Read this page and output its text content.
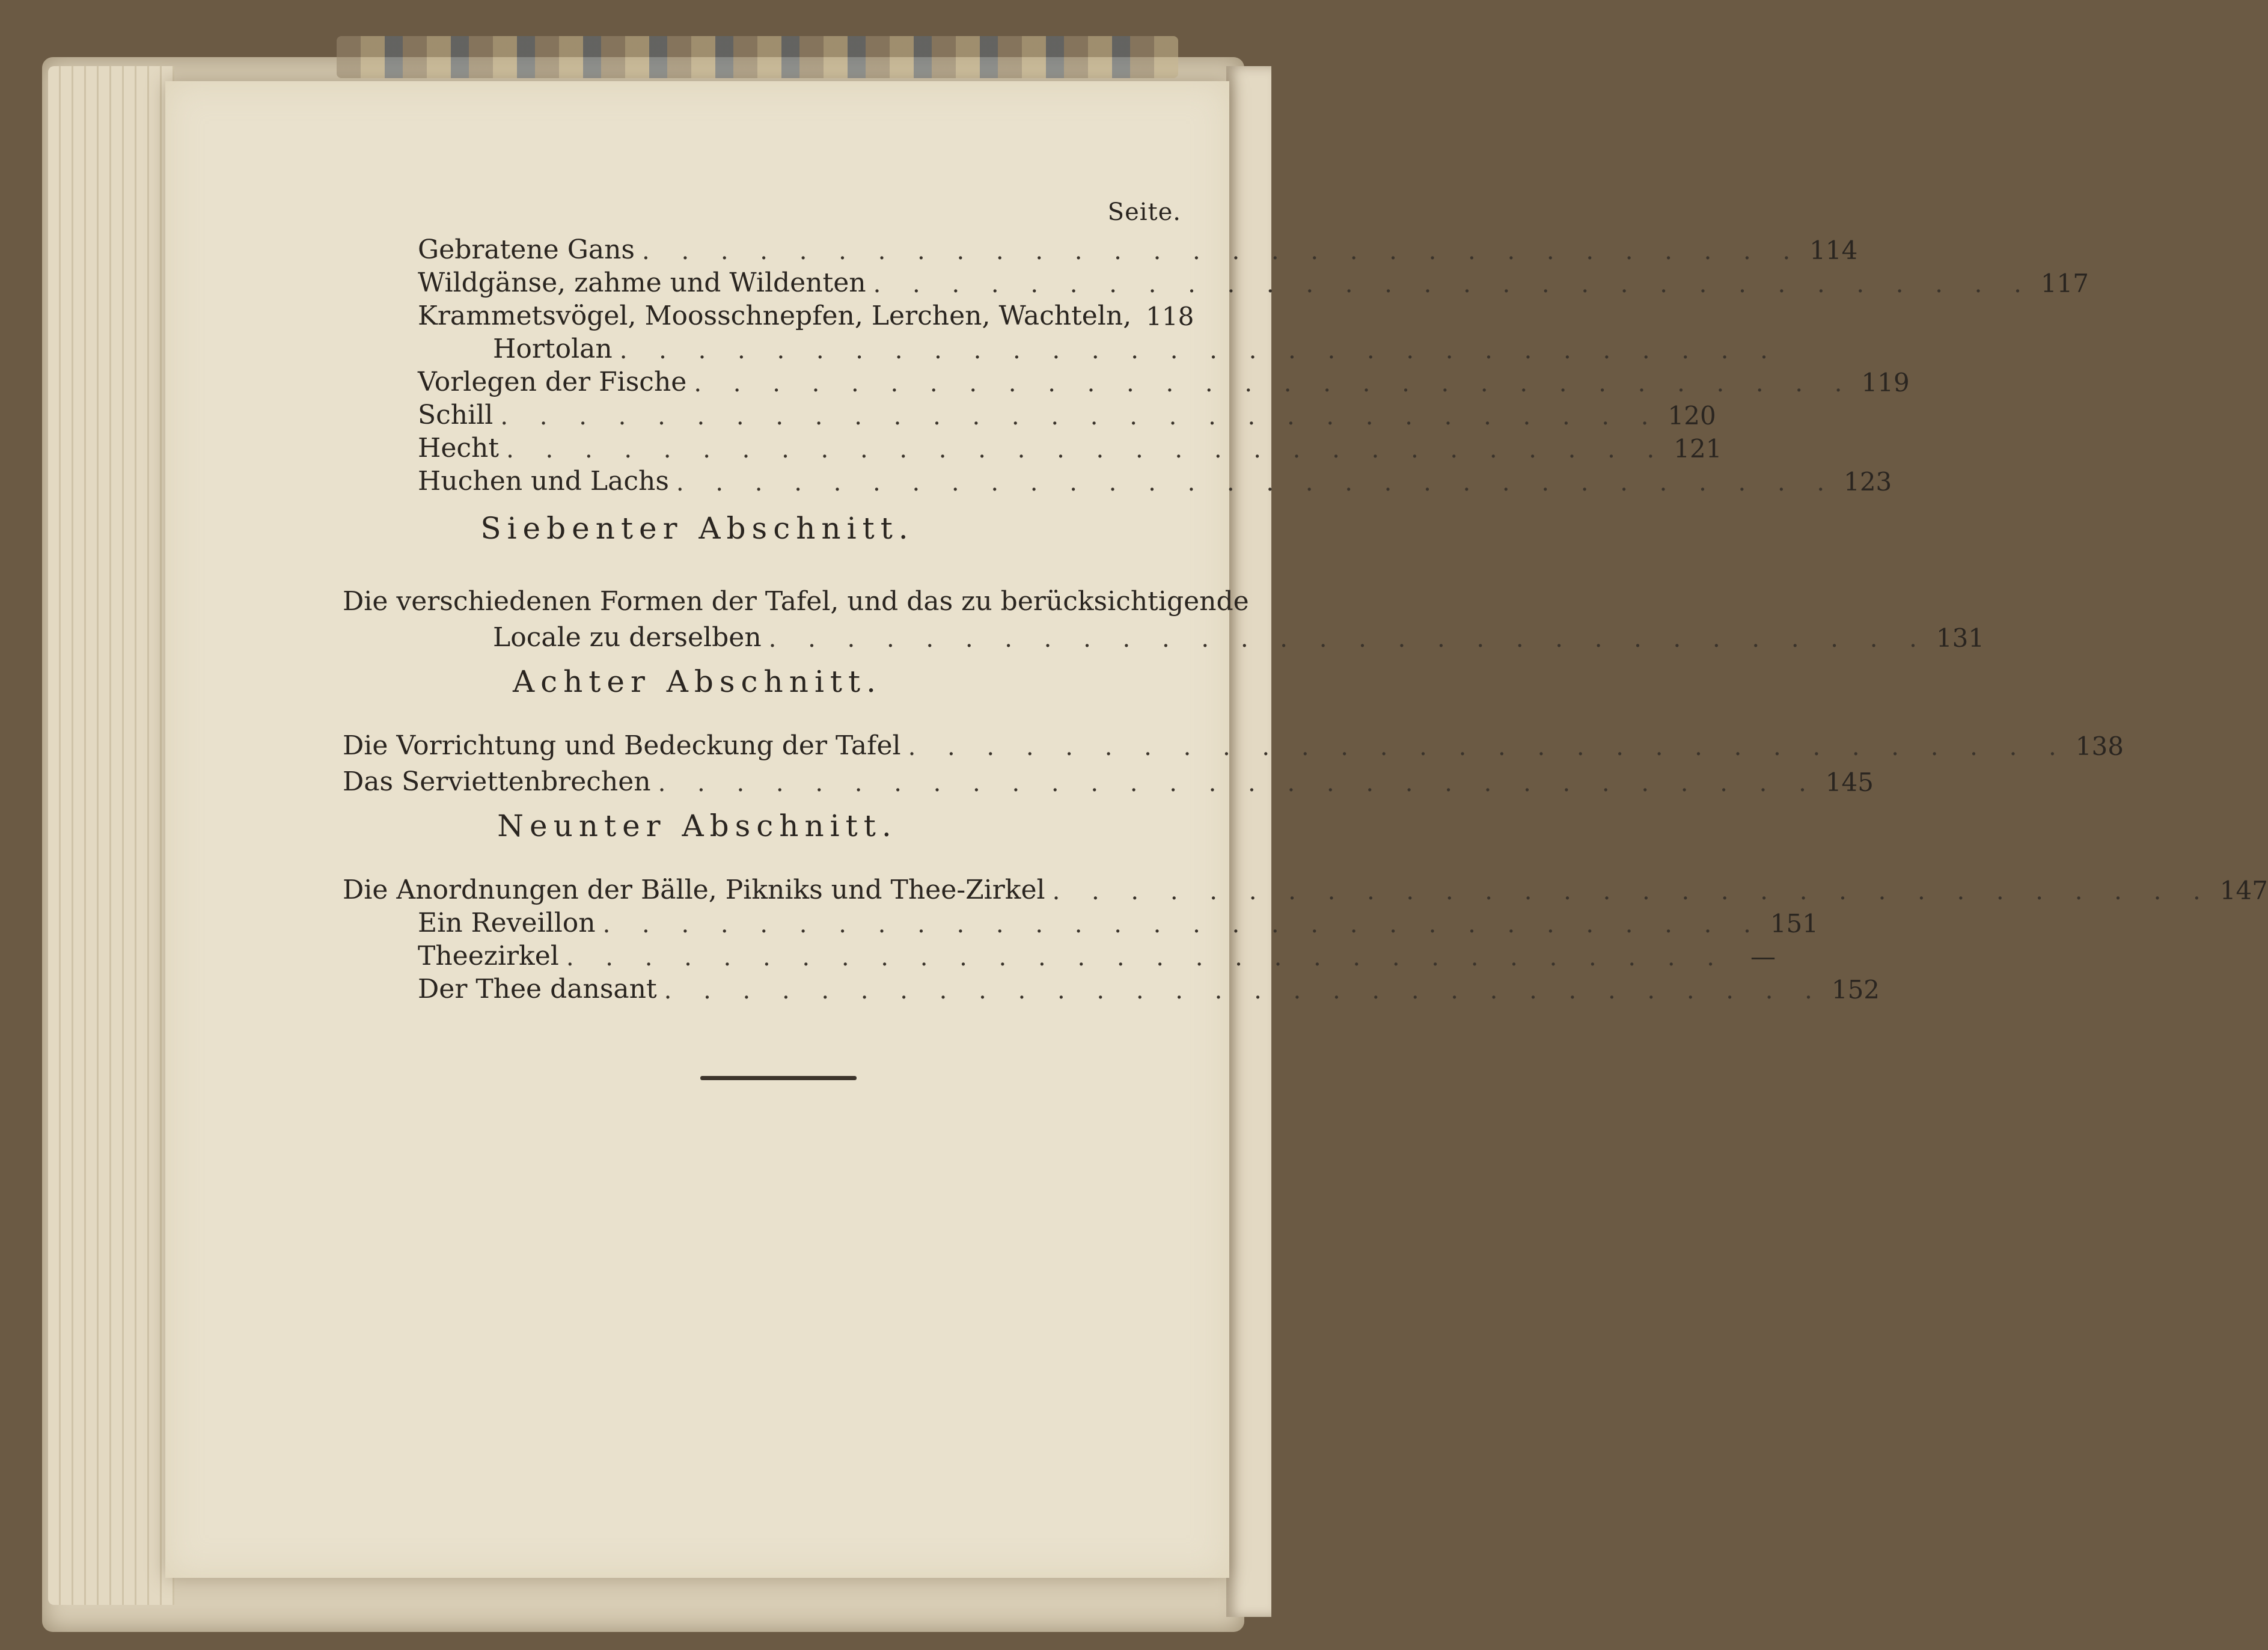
Seite.
Gebratene Gans . . . . . . . . . . . . . . . . . . . . . . . . . . . . . . 114
Wildgänse, zahme und Wildenten . . . . . . . . . . . . . . . . . . . . . . . . . . . . . . 117
Krammetsvögel, Moosschnepfen, Lerchen, Wachteln, 118
Hortolan . . . . . . . . . . . . . . . . . . . . . . . . . . . . . .
Vorlegen der Fische . . . . . . . . . . . . . . . . . . . . . . . . . . . . . . 119
Schill . . . . . . . . . . . . . . . . . . . . . . . . . . . . . . 120
Hecht . . . . . . . . . . . . . . . . . . . . . . . . . . . . . . 121
Huchen und Lachs . . . . . . . . . . . . . . . . . . . . . . . . . . . . . . 123
Siebenter Abschnitt.
Die verschiedenen Formen der Tafel, und das zu berücksichtigende
Locale zu derselben . . . . . . . . . . . . . . . . . . . . . . . . . . . . . . 131
Achter Abschnitt.
Die Vorrichtung und Bedeckung der Tafel . . . . . . . . . . . . . . . . . . . . . . . . . . . . . . 138
Das Serviettenbrechen . . . . . . . . . . . . . . . . . . . . . . . . . . . . . . 145
Neunter Abschnitt.
Die Anordnungen der Bälle, Pikniks und Thee-Zirkel . . . . . . . . . . . . . . . . . . . . . . . . . . . . . . 147
Ein Reveillon . . . . . . . . . . . . . . . . . . . . . . . . . . . . . . 151
Theezirkel . . . . . . . . . . . . . . . . . . . . . . . . . . . . . . —
Der Thee dansant . . . . . . . . . . . . . . . . . . . . . . . . . . . . . . 152
